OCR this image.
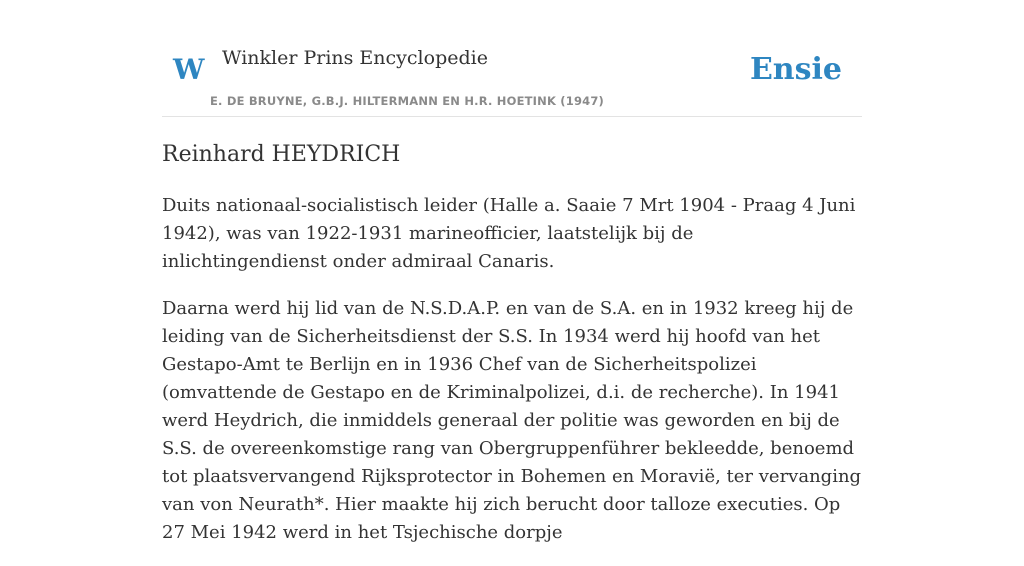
W Winkler Prins Encyclopedie
E. DE BRUYNE, G.B.J. HILTERMANN EN H.R. HOETINK (1947)
Ensie
Reinhard HEYDRICH

Duits nationaal-socialistisch leider (Halle a. Saaie 7 Mrt 1904 - Praag 4 Juni 1942), was van 1922-1931 marineofficier, laatstelijk bij de inlichtingendienst onder admiraal Canaris.

Daarna werd hij lid van de N.S.D.A.P. en van de S.A. en in 1932 kreeg hij de leiding van de Sicherheitsdienst der S.S. In 1934 werd hij hoofd van het Gestapo-Amt te Berlijn en in 1936 Chef van de Sicherheitspolizei (omvattende de Gestapo en de Kriminalpolizei, d.i. de recherche). In 1941 werd Heydrich, die inmiddels generaal der politie was geworden en bij de S.S. de overeenkomstige rang van Obergruppenführer bekleedde, benoemd tot plaatsvervangend Rijksprotector in Bohemen en Moravië, ter vervanging van von Neurath*. Hier maakte hij zich berucht door talloze executies. Op 27 Mei 1942 werd in het Tsjechische dorpje
